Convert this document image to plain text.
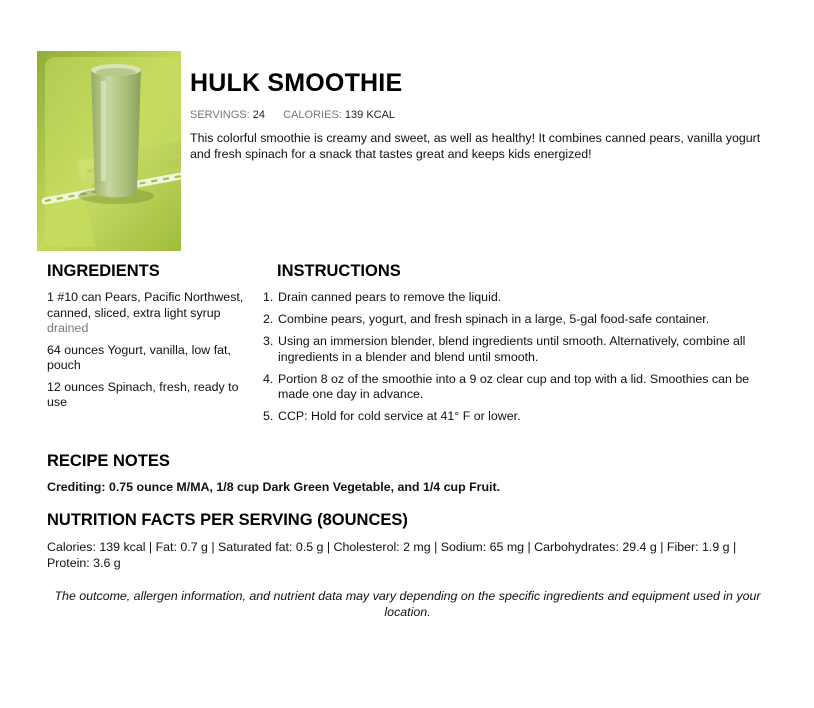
HULK SMOOTHIE
SERVINGS: 24 CALORIES: 139 KCAL

This colorful smoothie is creamy and sweet, as well as healthy! It combines canned pears, vanilla yogurt and fresh spinach for a snack that tastes great and keeps kids energized!

INGREDIENTS
1 #10 can Pears, Pacific Northwest, canned, sliced, extra light syrup
drained
64 ounces Yogurt, vanilla, low fat, pouch
12 ounces Spinach, fresh, ready to use
INSTRUCTIONS
1. Drain canned pears to remove the liquid.
2. Combine pears, yogurt, and fresh spinach in a large, 5-gal food-safe container.
3. Using an immersion blender, blend ingredients until smooth. Alternatively, combine all ingredients in a blender and blend until smooth.
4. Portion 8 oz of the smoothie into a 9 oz clear cup and top with a lid. Smoothies can be made one day in advance.
5. CCP: Hold for cold service at 41° F or lower.
RECIPE NOTES

Crediting: 0.75 ounce M/MA, 1/8 cup Dark Green Vegetable, and 1/4 cup Fruit.

NUTRITION FACTS PER SERVING (8OUNCES)

Calories: 139 kcal | Fat: 0.7 g | Saturated fat: 0.5 g | Cholesterol: 2 mg | Sodium: 65 mg | Carbohydrates: 29.4 g | Fiber: 1.9 g | Protein: 3.6 g

The outcome, allergen information, and nutrient data may vary depending on the specific ingredients and equipment used in your location.
